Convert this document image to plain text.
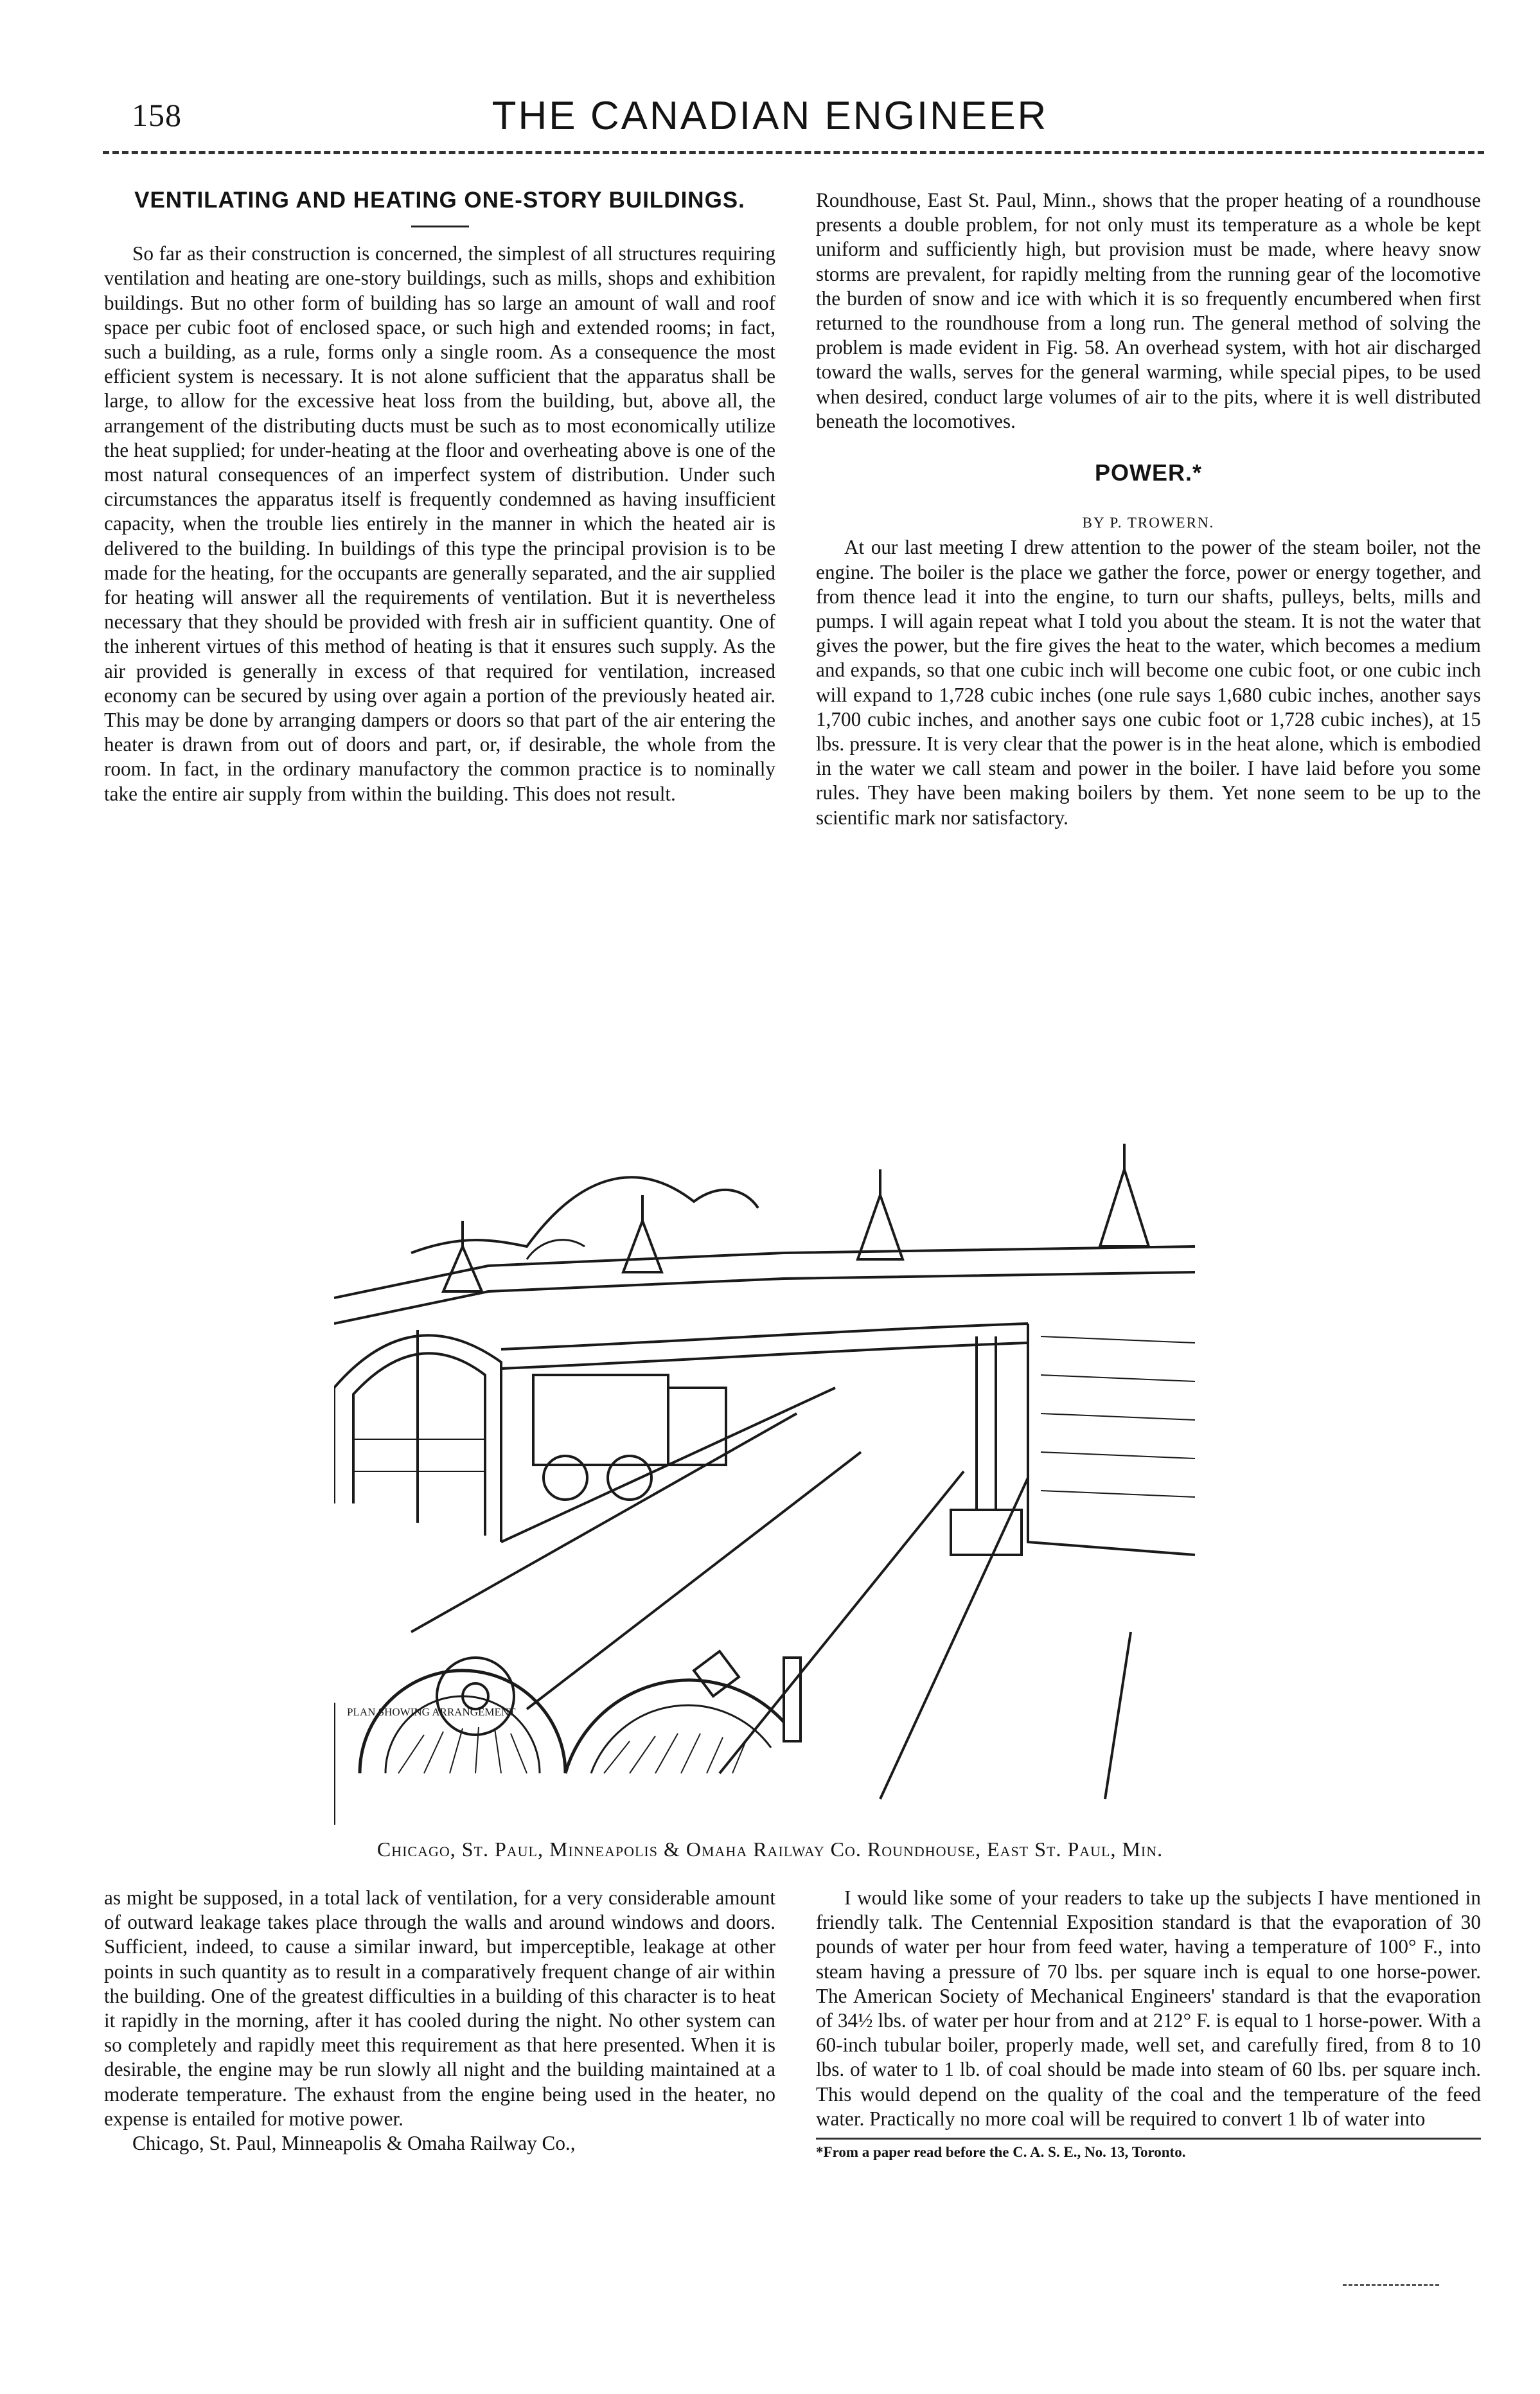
158	THE CANADIAN ENGINEER
VENTILATING AND HEATING ONE-STORY BUILDINGS.

So far as their construction is concerned, the simplest of all structures requiring ventilation and heating are one-story buildings, such as mills, shops and exhibition buildings. But no other form of building has so large an amount of wall and roof space per cubic foot of enclosed space, or such high and extended rooms; in fact, such a building, as a rule, forms only a single room. As a consequence the most efficient system is necessary. It is not alone sufficient that the apparatus shall be large, to allow for the excessive heat loss from the building, but, above all, the arrangement of the distributing ducts must be such as to most economically utilize the heat supplied; for under-heating at the floor and overheating above is one of the most natural consequences of an imperfect system of distribution. Under such circumstances the apparatus itself is frequently condemned as having insufficient capacity, when the trouble lies entirely in the manner in which the heated air is delivered to the building. In buildings of this type the principal provision is to be made for the heating, for the occupants are generally separated, and the air supplied for heating will answer all the requirements of ventilation. But it is nevertheless necessary that they should be provided with fresh air in sufficient quantity. One of the inherent virtues of this method of heating is that it ensures such supply. As the air provided is generally in excess of that required for ventilation, increased economy can be secured by using over again a portion of the previously heated air. This may be done by arranging dampers or doors so that part of the air entering the heater is drawn from out of doors and part, or, if desirable, the whole from the room. In fact, in the ordinary manufactory the common practice is to nominally take the entire air supply from within the building. This does not result.

Roundhouse, East St. Paul, Minn., shows that the proper heating of a roundhouse presents a double problem, for not only must its temperature as a whole be kept uniform and sufficiently high, but provision must be made, where heavy snow storms are prevalent, for rapidly melting from the running gear of the locomotive the burden of snow and ice with which it is so frequently encumbered when first returned to the roundhouse from a long run. The general method of solving the problem is made evident in Fig. 58. An overhead system, with hot air discharged toward the walls, serves for the general warming, while special pipes, to be used when desired, conduct large volumes of air to the pits, where it is well distributed beneath the locomotives.

POWER.*

BY P. TROWERN.

At our last meeting I drew attention to the power of the steam boiler, not the engine. The boiler is the place we gather the force, power or energy together, and from thence lead it into the engine, to turn our shafts, pulleys, belts, mills and pumps. I will again repeat what I told you about the steam. It is not the water that gives the power, but the fire gives the heat to the water, which becomes a medium and expands, so that one cubic inch will become one cubic foot, or one cubic inch will expand to 1,728 cubic inches (one rule says 1,680 cubic inches, another says 1,700 cubic inches, and another says one cubic foot or 1,728 cubic inches), at 15 lbs. pressure. It is very clear that the power is in the heat alone, which is embodied in the water we call steam and power in the boiler. I have laid before you some rules. They have been making boilers by them. Yet none seem to be up to the scientific mark nor satisfactory.

PLAN SHOWING ARRANGEMENT
Chicago, St. Paul, Minneapolis & Omaha Railway Co. Roundhouse, East St. Paul, Min.

as might be supposed, in a total lack of ventilation, for a very considerable amount of outward leakage takes place through the walls and around windows and doors. Sufficient, indeed, to cause a similar inward, but imperceptible, leakage at other points in such quantity as to result in a comparatively frequent change of air within the building. One of the greatest difficulties in a building of this character is to heat it rapidly in the morning, after it has cooled during the night. No other system can so completely and rapidly meet this requirement as that here presented. When it is desirable, the engine may be run slowly all night and the building maintained at a moderate temperature. The exhaust from the engine being used in the heater, no expense is entailed for motive power.

Chicago, St. Paul, Minneapolis & Omaha Railway Co.,

I would like some of your readers to take up the subjects I have mentioned in friendly talk. The Centennial Exposition standard is that the evaporation of 30 pounds of water per hour from feed water, having a temperature of 100° F., into steam having a pressure of 70 lbs. per square inch is equal to one horse-power. The American Society of Mechanical Engineers' standard is that the evaporation of 34½ lbs. of water per hour from and at 212° F. is equal to 1 horse-power. With a 60-inch tubular boiler, properly made, well set, and carefully fired, from 8 to 10 lbs. of water to 1 lb. of coal should be made into steam of 60 lbs. per square inch. This would depend on the quality of the coal and the temperature of the feed water. Practically no more coal will be required to convert 1 lb of water into

*From a paper read before the C. A. S. E., No. 13, Toronto.
